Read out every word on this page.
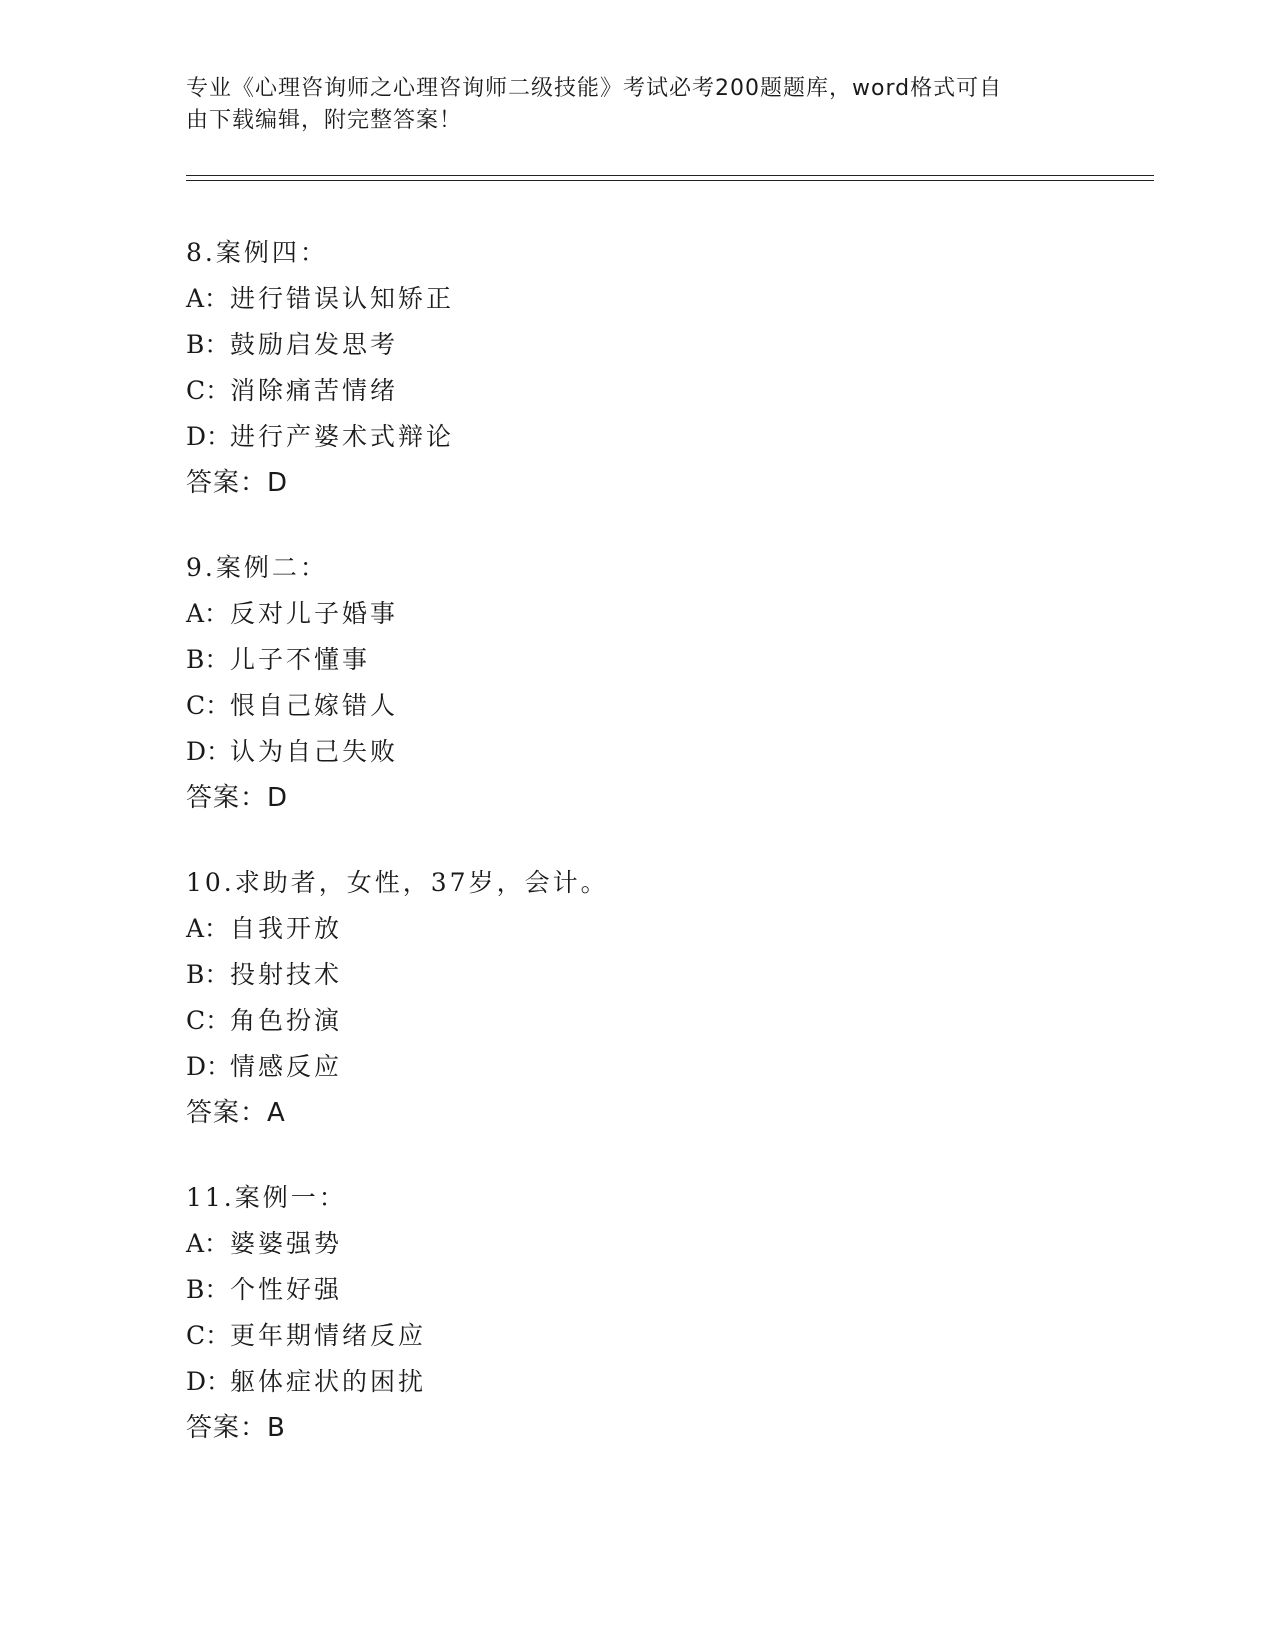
专业《心理咨询师之心理咨询师二级技能》考试必考200题题库，word格式可自
由下载编辑，附完整答案！
8.案例四：
A：进行错误认知矫正
B：鼓励启发思考
C：消除痛苦情绪
D：进行产婆术式辩论
答案：D
9.案例二：
A：反对儿子婚事
B：儿子不懂事
C：恨自己嫁错人
D：认为自己失败
答案：D
10.求助者，女性，37岁，会计。
A：自我开放
B：投射技术
C：角色扮演
D：情感反应
答案：A
11.案例一：
A：婆婆强势
B：个性好强
C：更年期情绪反应
D：躯体症状的困扰
答案：B
